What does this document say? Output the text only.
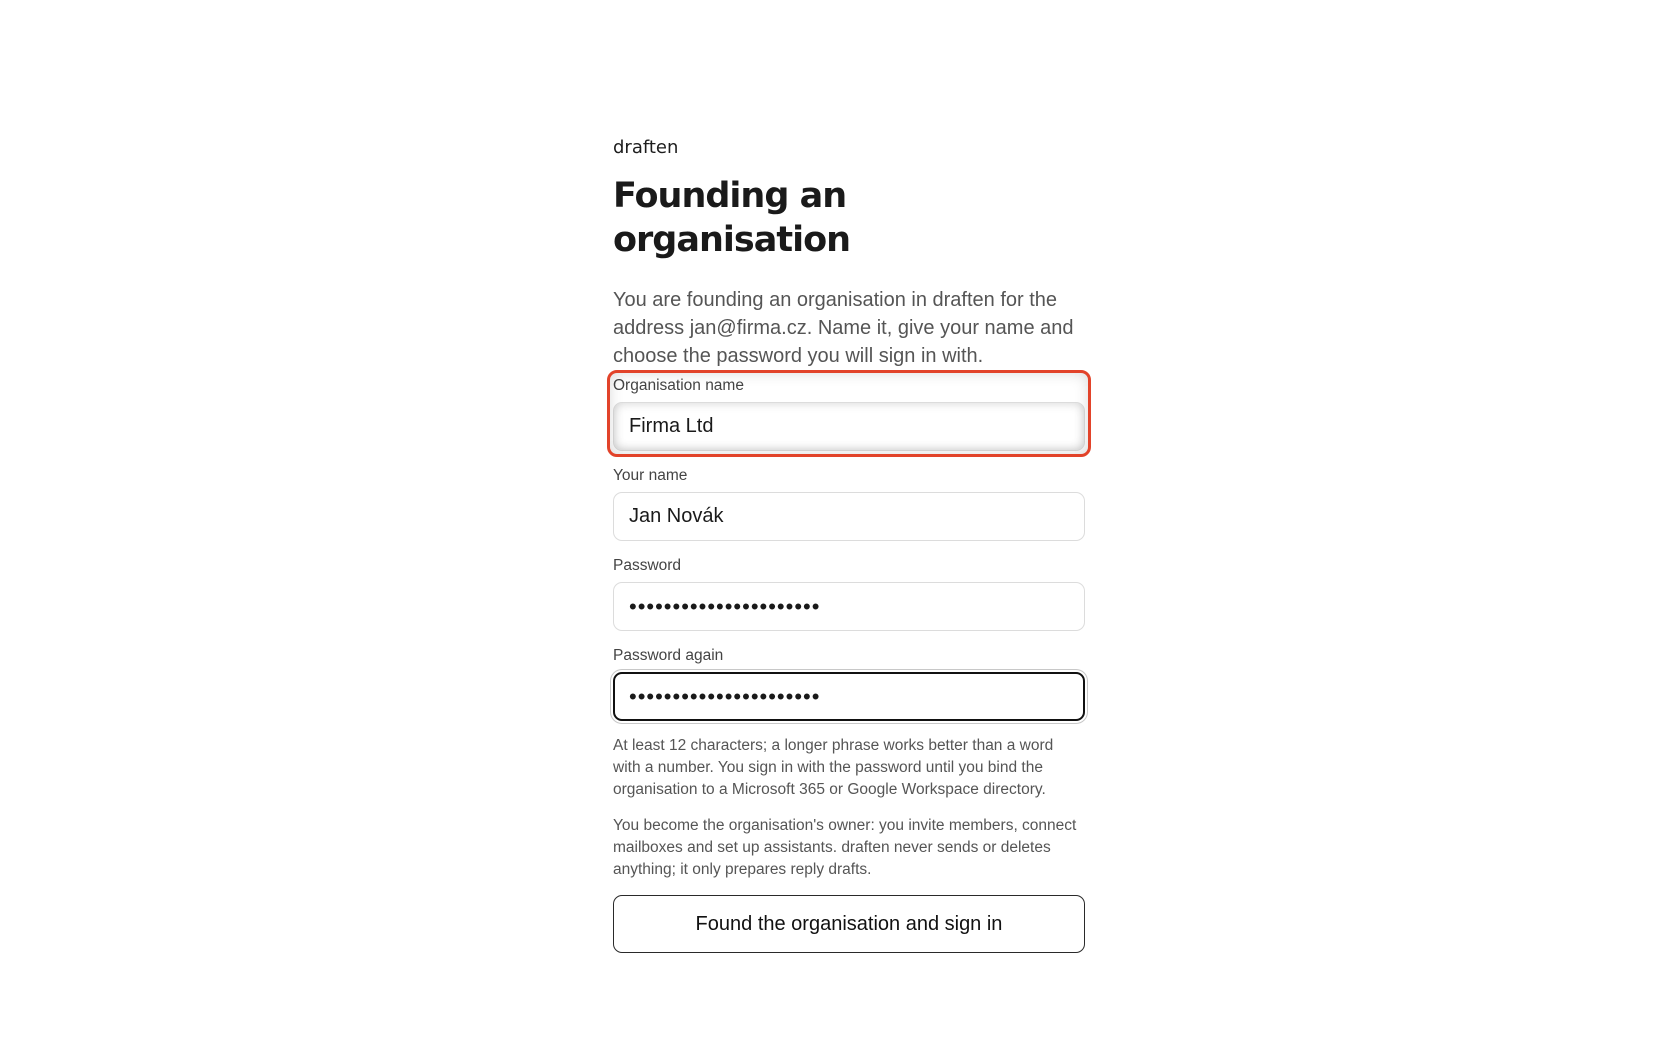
draften

Founding an organisation

You are founding an organisation in draften for the address jan@firma.cz. Name it, give your name and choose the password you will sign in with.

Organisation name
Firma Ltd
Your name
Jan Novák
Password
••••••••••••••••••••••
Password again
••••••••••••••••••••••

At least 12 characters; a longer phrase works better than a word with a number. You sign in with the password until you bind the organisation to a Microsoft 365 or Google Workspace directory.

You become the organisation's owner: you invite members, connect mailboxes and set up assistants. draften never sends or deletes anything; it only prepares reply drafts.

Found the organisation and sign in
